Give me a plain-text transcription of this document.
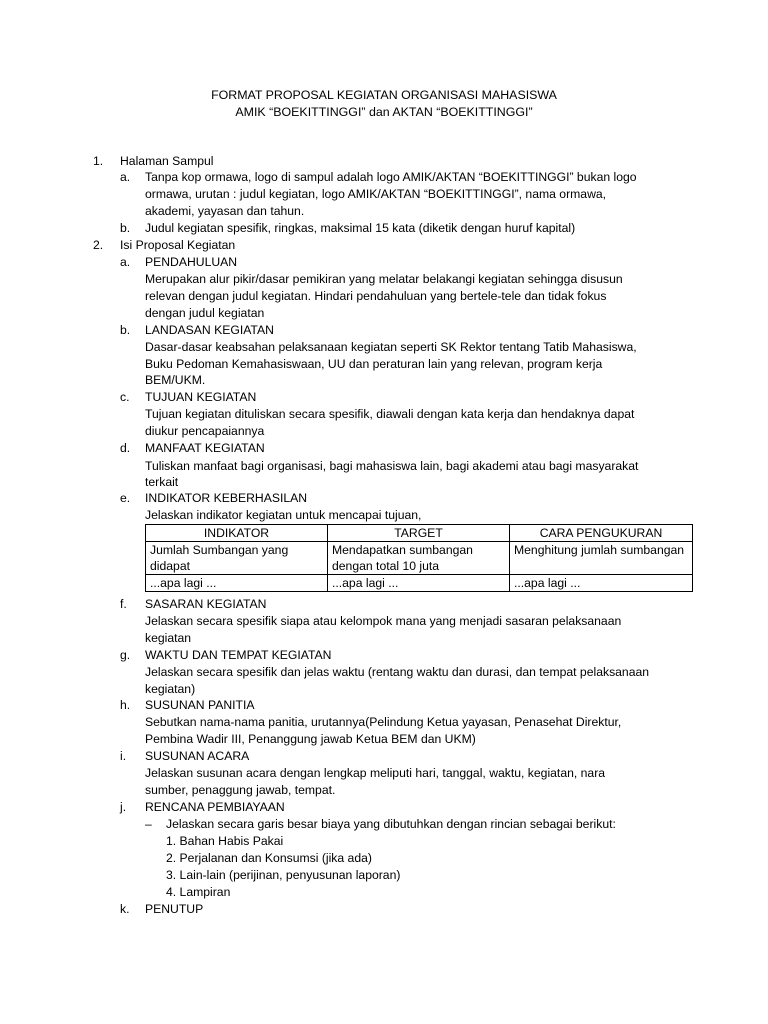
FORMAT PROPOSAL KEGIATAN ORGANISASI MAHASISWA
AMIK “BOEKITTINGGI” dan AKTAN “BOEKITTINGGI”
1. Halaman Sampul
a. Tanpa kop ormawa, logo di sampul adalah logo AMIK/AKTAN “BOEKITTINGGI” bukan logo
ormawa, urutan : judul kegiatan, logo AMIK/AKTAN “BOEKITTINGGI”, nama ormawa,
akademi, yayasan dan tahun.
b. Judul kegiatan spesifik, ringkas, maksimal 15 kata (diketik dengan huruf kapital)
2. Isi Proposal Kegiatan
a. PENDAHULUAN
Merupakan alur pikir/dasar pemikiran yang melatar belakangi kegiatan sehingga disusun
relevan dengan judul kegiatan. Hindari pendahuluan yang bertele-tele dan tidak fokus
dengan judul kegiatan
b. LANDASAN KEGIATAN
Dasar-dasar keabsahan pelaksanaan kegiatan seperti SK Rektor tentang Tatib Mahasiswa,
Buku Pedoman Kemahasiswaan, UU dan peraturan lain yang relevan, program kerja
BEM/UKM.
c. TUJUAN KEGIATAN
Tujuan kegiatan dituliskan secara spesifik, diawali dengan kata kerja dan hendaknya dapat
diukur pencapaiannya
d. MANFAAT KEGIATAN
Tuliskan manfaat bagi organisasi, bagi mahasiswa lain, bagi akademi atau bagi masyarakat
terkait
e. INDIKATOR KEBERHASILAN
Jelaskan indikator kegiatan untuk mencapai tujuan,
INDIKATOR	TARGET	CARA PENGUKURAN
Jumlah Sumbangan yang didapat	Mendapatkan sumbangan dengan total 10 juta	Menghitung jumlah sumbangan
...apa lagi ...	...apa lagi ...	...apa lagi ...
f. SASARAN KEGIATAN
Jelaskan secara spesifik siapa atau kelompok mana yang menjadi sasaran pelaksanaan
kegiatan
g. WAKTU DAN TEMPAT KEGIATAN
Jelaskan secara spesifik dan jelas waktu (rentang waktu dan durasi, dan tempat pelaksanaan
kegiatan)
h. SUSUNAN PANITIA
Sebutkan nama-nama panitia, urutannya(Pelindung Ketua yayasan, Penasehat Direktur,
Pembina Wadir III, Penanggung jawab Ketua BEM dan UKM)
i. SUSUNAN ACARA
Jelaskan susunan acara dengan lengkap meliputi hari, tanggal, waktu, kegiatan, nara
sumber, penaggung jawab, tempat.
j. RENCANA PEMBIAYAAN
– Jelaskan secara garis besar biaya yang dibutuhkan dengan rincian sebagai berikut:
1. Bahan Habis Pakai
2. Perjalanan dan Konsumsi (jika ada)
3. Lain-lain (perijinan, penyusunan laporan)
4. Lampiran
k. PENUTUP
